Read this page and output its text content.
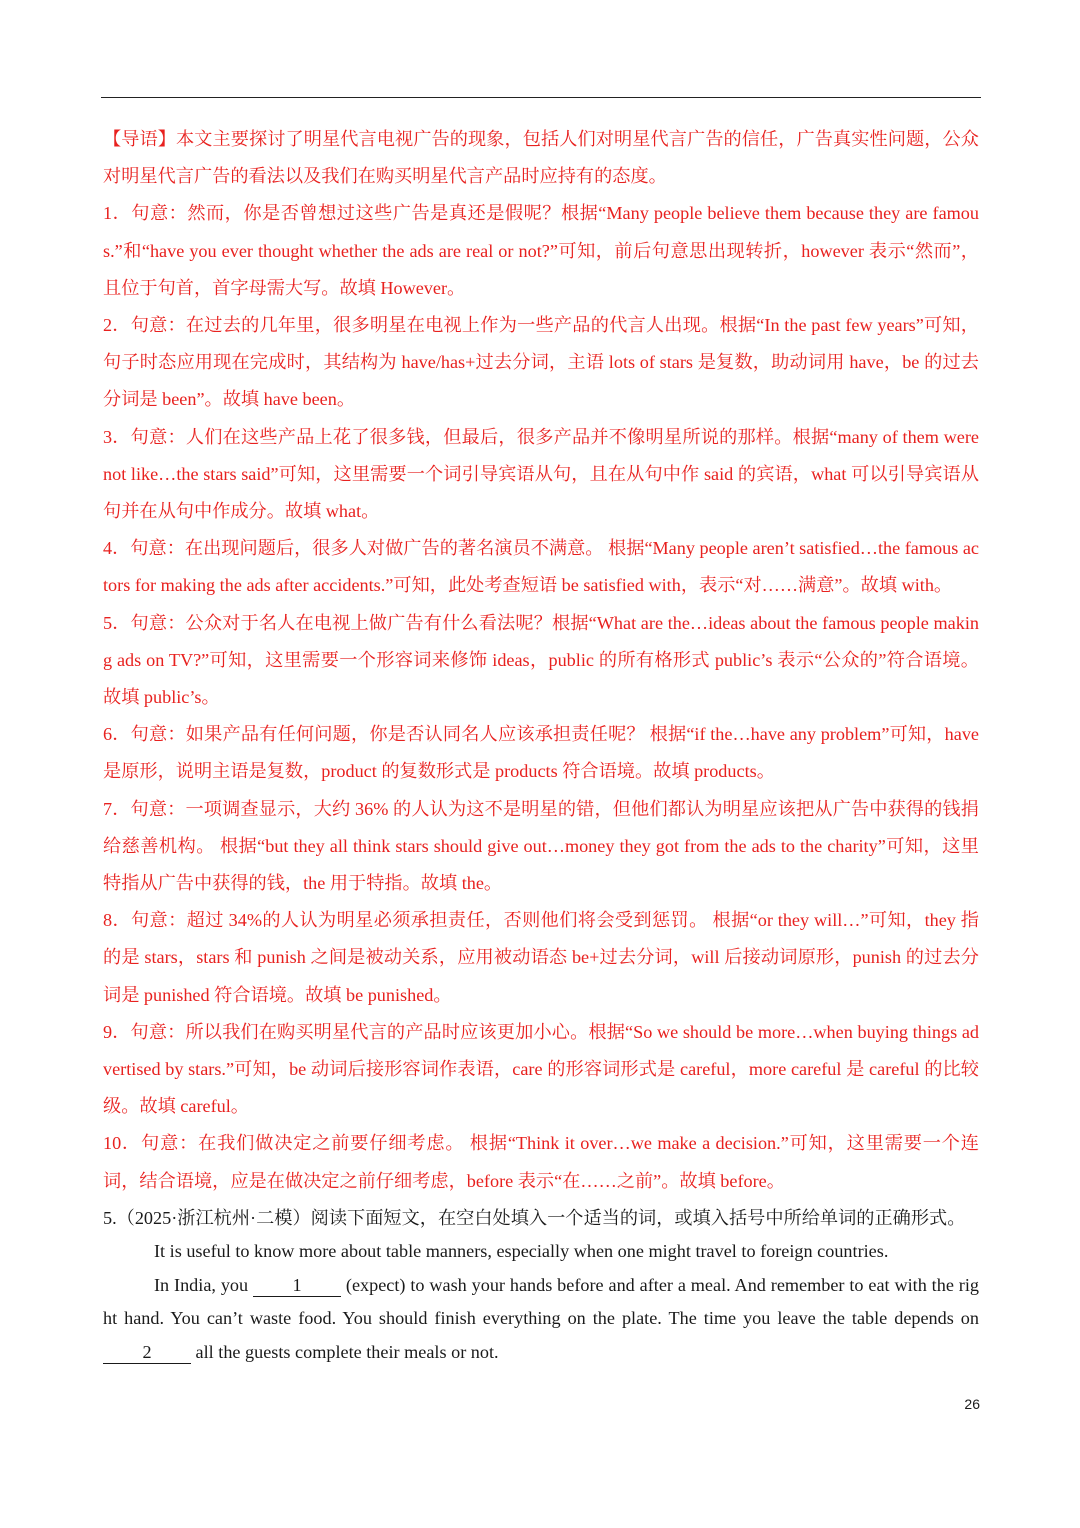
【导语】本文主要探讨了明星代言电视广告的现象，包括人们对明星代言广告的信任，广告真实性问题，公众对明星代言广告的看法以及我们在购买明星代言产品时应持有的态度。

1．句意：然而，你是否曾想过这些广告是真还是假呢？根据“Many people believe them because they are famous.”和“have you ever thought whether the ads are real or not?”可知，前后句意思出现转折，however 表示“然而”，且位于句首，首字母需大写。故填 However。

2．句意：在过去的几年里，很多明星在电视上作为一些产品的代言人出现。根据“In the past few years”可知，句子时态应用现在完成时，其结构为 have/has+过去分词，主语 lots of stars 是复数，助动词用 have，be 的过去分词是 been”。故填 have been。

3．句意：人们在这些产品上花了很多钱，但最后，很多产品并不像明星所说的那样。根据“many of them were not like…the stars said”可知，这里需要一个词引导宾语从句，且在从句中作 said 的宾语，what 可以引导宾语从句并在从句中作成分。故填 what。

4．句意：在出现问题后，很多人对做广告的著名演员不满意。 根据“Many people aren’t satisfied…the famous actors for making the ads after accidents.”可知，此处考查短语 be satisfied with，表示“对……满意”。故填 with。

5．句意：公众对于名人在电视上做广告有什么看法呢？根据“What are the…ideas about the famous people making ads on TV?”可知，这里需要一个形容词来修饰 ideas，public 的所有格形式 public’s 表示“公众的”符合语境。故填 public’s。

6．句意：如果产品有任何问题，你是否认同名人应该承担责任呢？ 根据“if the…have any problem”可知，have 是原形，说明主语是复数，product 的复数形式是 products 符合语境。故填 products。

7．句意：一项调查显示，大约 36% 的人认为这不是明星的错，但他们都认为明星应该把从广告中获得的钱捐给慈善机构。 根据“but they all think stars should give out…money they got from the ads to the charity”可知，这里特指从广告中获得的钱，the 用于特指。故填 the。

8．句意：超过 34%的人认为明星必须承担责任，否则他们将会受到惩罚。 根据“or they will…”可知，they 指的是 stars，stars 和 punish 之间是被动关系，应用被动语态 be+过去分词，will 后接动词原形，punish 的过去分词是 punished 符合语境。故填 be punished。

9．句意：所以我们在购买明星代言的产品时应该更加小心。根据“So we should be more…when buying things advertised by stars.”可知，be 动词后接形容词作表语，care 的形容词形式是 careful，more careful 是 careful 的比较级。故填 careful。

10．句意：在我们做决定之前要仔细考虑。 根据“Think it over…we make a decision.”可知，这里需要一个连词，结合语境，应是在做决定之前仔细考虑，before 表示“在……之前”。故填 before。

5.（2025·浙江杭州·二模）阅读下面短文，在空白处填入一个适当的词，或填入括号中所给单词的正确形式。

It is useful to know more about table manners, especially when one might travel to foreign countries.

In India, you 1 (expect) to wash your hands before and after a meal. And remember to eat with the right hand. You can’t waste food. You should finish everything on the plate. The time you leave the table depends on 2 all the guests complete their meals or not.

26
